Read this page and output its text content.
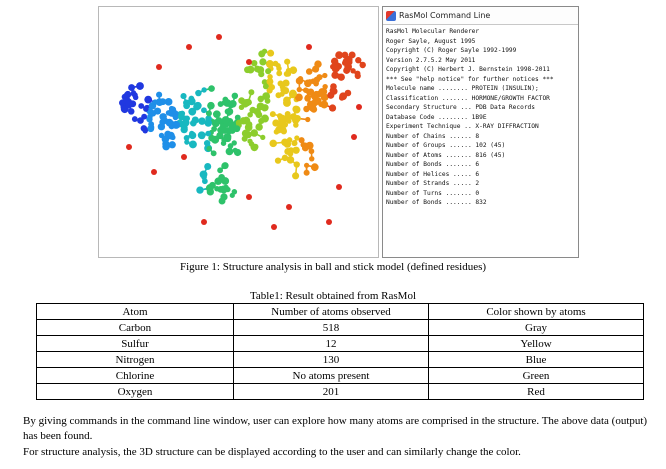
RasMol Command Line
RasMol Molecular Renderer
Roger Sayle, August 1995
Copyright (C) Roger Sayle 1992-1999
Version 2.7.5.2 May 2011
Copyright (C) Herbert J. Bernstein 1998-2011
*** See "help notice" for further notices ***
Molecule name ........ PROTEIN (INSULIN);
Classification ....... HORMONE/GROWTH FACTOR
Secondary Structure ... PDB Data Records
Database Code ........ 1B9E
Experiment Technique .. X-RAY DIFFRACTION
Number of Chains ...... 8
Number of Groups ...... 102 (45)
Number of Atoms ....... 816 (45)
Number of Bonds ....... 6
Number of Helices ..... 6
Number of Strands ..... 2
Number of Turns ....... 0
Number of Bonds ....... 832
Figure 1: Structure analysis in ball and stick model (defined residues)
Table1: Result obtained from RasMol
Atom	Number of atoms observed	Color shown by atoms
Carbon	518	Gray
Sulfur	12	Yellow
Nitrogen	130	Blue
Chlorine	No atoms present	Green
Oxygen	201	Red

By giving commands in the command line window, user can explore how many atoms are comprised in the structure. The above data (output) has been found.

For structure analysis, the 3D structure can be displayed according to the user and can similarly change the color.
